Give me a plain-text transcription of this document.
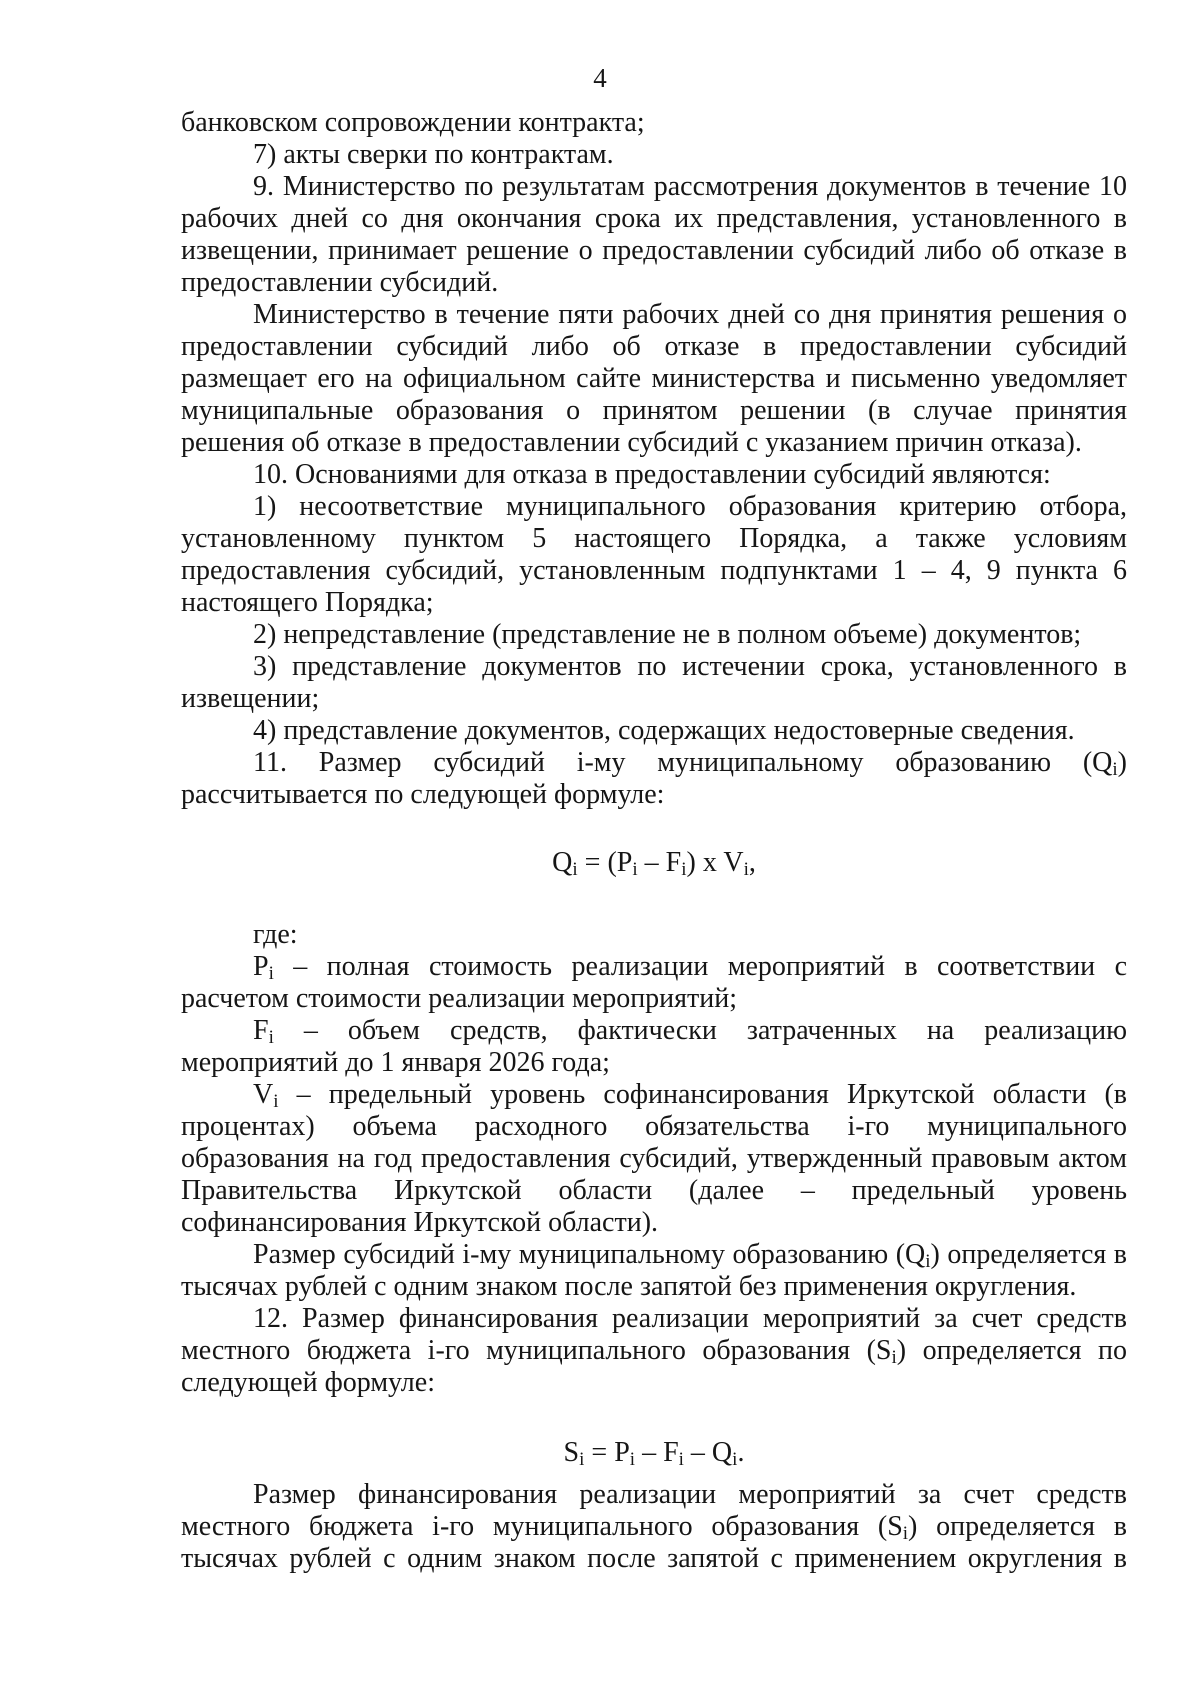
4

банковском сопровождении контракта;

7) акты сверки по контрактам.

9. Министерство по результатам рассмотрения документов в течение 10 рабочих дней со дня окончания срока их представления, установленного в извещении, принимает решение о предоставлении субсидий либо об отказе в предоставлении субсидий.

Министерство в течение пяти рабочих дней со дня принятия решения о предоставлении субсидий либо об отказе в предоставлении субсидий размещает его на официальном сайте министерства и письменно уведомляет муниципальные образования о принятом решении (в случае принятия решения об отказе в предоставлении субсидий с указанием причин отказа).

10. Основаниями для отказа в предоставлении субсидий являются:

1) несоответствие муниципального образования критерию отбора, установленному пунктом 5 настоящего Порядка, а также условиям предоставления субсидий, установленным подпунктами 1 – 4, 9 пункта 6 настоящего Порядка;

2) непредставление (представление не в полном объеме) документов;

3) представление документов по истечении срока, установленного в извещении;

4) представление документов, содержащих недостоверные сведения.

11. Размер субсидий i-му муниципальному образованию $(Q_i)$ рассчитывается по следующей формуле:

$Q_i = (P_i - F_i)$ x $V_i$,

где:

$P_i$ – полная стоимость реализации мероприятий в соответствии с расчетом стоимости реализации мероприятий;

$F_i$ – объем средств, фактически затраченных на реализацию мероприятий до 1 января 2026 года;

$V_i$ – предельный уровень софинансирования Иркутской области (в процентах) объема расходного обязательства i-го муниципального образования на год предоставления субсидий, утвержденный правовым актом Правительства Иркутской области (далее – предельный уровень софинансирования Иркутской области).

Размер субсидий i-му муниципальному образованию $(Q_i)$ определяется в тысячах рублей с одним знаком после запятой без применения округления.

12. Размер финансирования реализации мероприятий за счет средств местного бюджета i-го муниципального образования $(S_i)$ определяется по следующей формуле:

$S_i = P_i - F_i - Q_i$.

Размер финансирования реализации мероприятий за счет средств местного бюджета i-го муниципального образования $(S_i)$ определяется в тысячах рублей с одним знаком после запятой с применением округления в
